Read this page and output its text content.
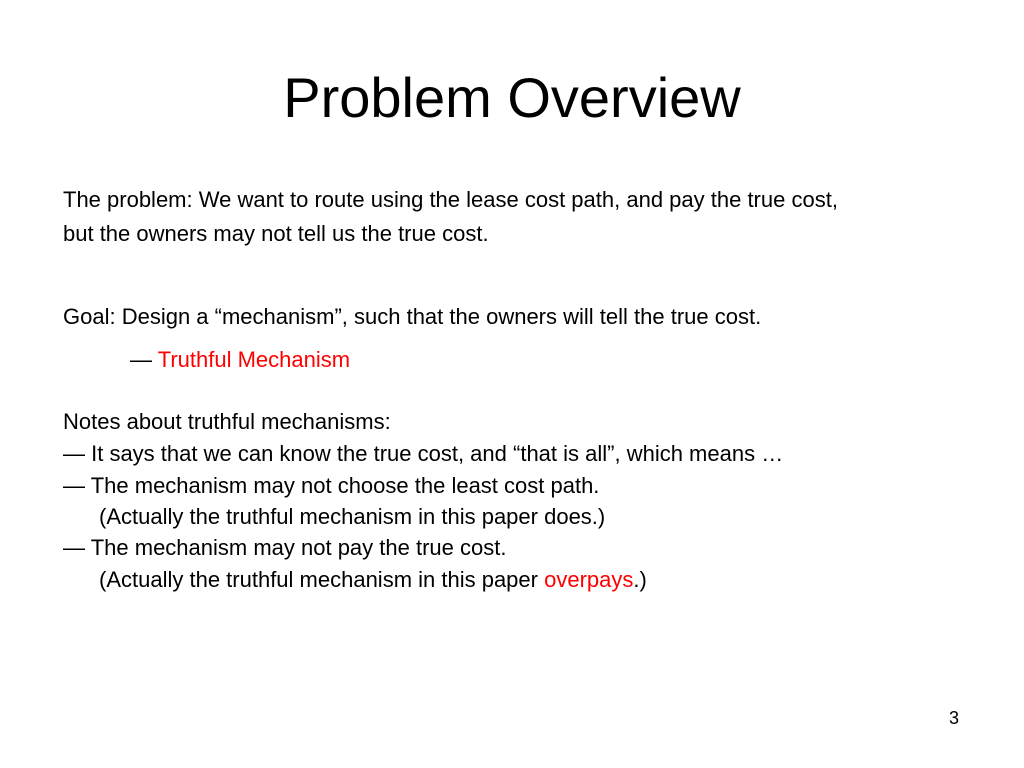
Problem Overview
The problem: We want to route using the lease cost path, and pay the true cost,
but the owners may not tell us the true cost.
Goal: Design a “mechanism”, such that the owners will tell the true cost.
— Truthful Mechanism
Notes about truthful mechanisms:
— It says that we can know the true cost, and “that is all”, which means …
— The mechanism may not choose the least cost path.
(Actually the truthful mechanism in this paper does.)
— The mechanism may not pay the true cost.
(Actually the truthful mechanism in this paper overpays.)
3
